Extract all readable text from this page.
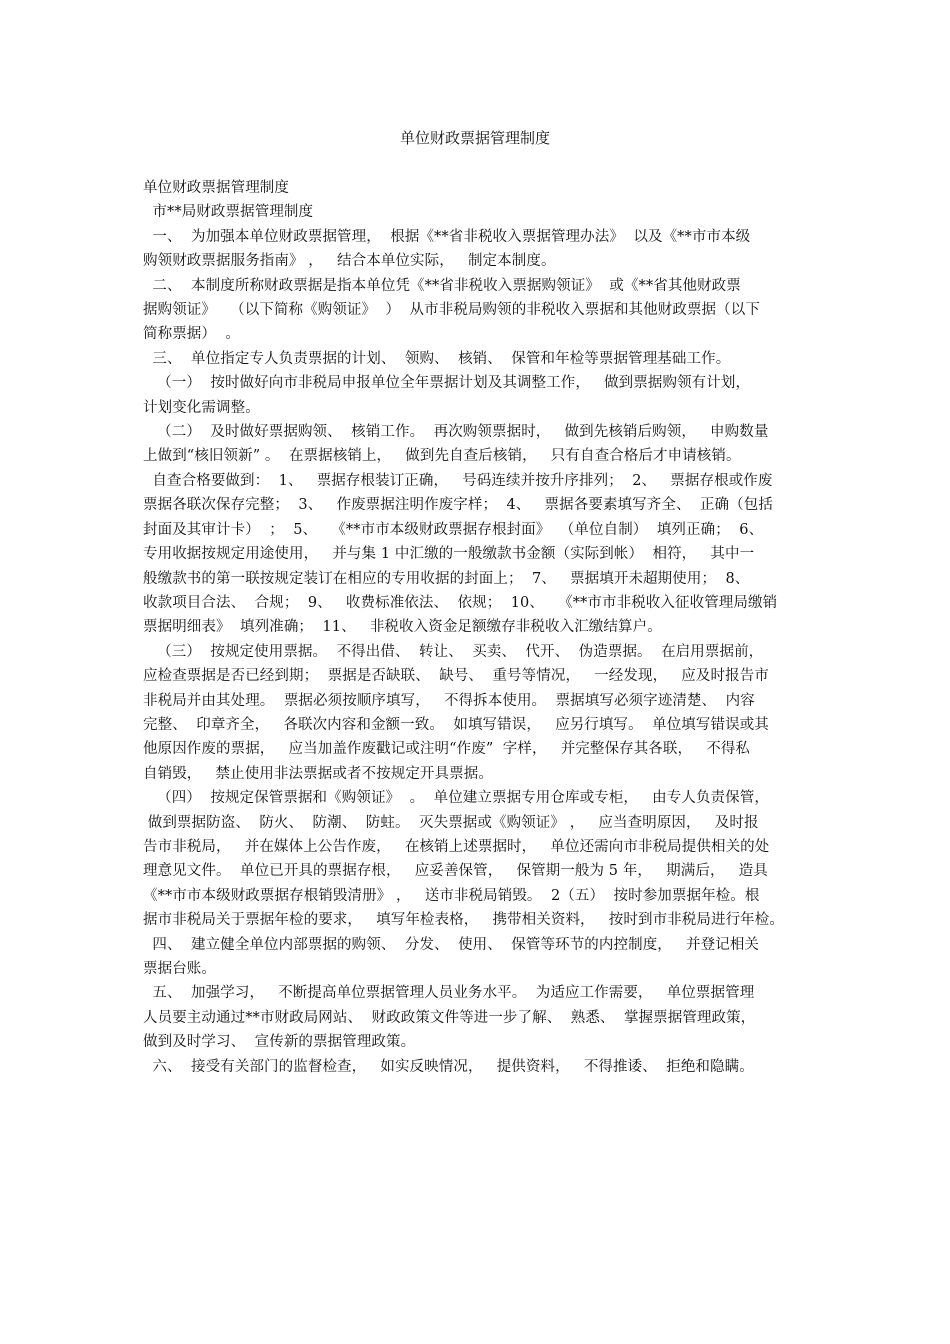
单位财政票据管理制度

单位财政票据管理制度

市**局财政票据管理制度

一、  为加强本单位财政票据管理，  根据《**省非税收入票据管理办法》  以及《**市市本级

购领财政票据服务指南》 ，   结合本单位实际，   制定本制度。

二、  本制度所称财政票据是指本单位凭《**省非税收入票据购领证》  或《**省其他财政票

据购领证》   （以下简称《购领证》  ）  从市非税局购领的非税收入票据和其他财政票据（以下

简称票据）  。

三、  单位指定专人负责票据的计划、  领购、  核销、  保管和年检等票据管理基础工作。

（一）  按时做好向市非税局申报单位全年票据计划及其调整工作，   做到票据购领有计划，

计划变化需调整。

（二）  及时做好票据购领、  核销工作。  再次购领票据时，   做到先核销后购领，   申购数量

上做到“核旧领新” 。  在票据核销上，   做到先自查后核销，   只有自查合格后才申请核销。

自查合格要做到：  1、   票据存根装订正确，   号码连续并按升序排列；  2、   票据存根或作废

票据各联次保存完整；  3、   作废票据注明作废字样；  4、   票据各要素填写齐全、  正确（包括

封面及其审计卡）  ；  5、   《**市市本级财政票据存根封面》  （单位自制）  填列正确；  6、

专用收据按规定用途使用，   并与集 1 中汇缴的一般缴款书金额（实际到帐）  相符，   其中一

般缴款书的第一联按规定装订在相应的专用收据的封面上；  7、   票据填开未超期使用；  8、

收款项目合法、  合规；  9、   收费标准依法、  依规；  10、   《**市市非税收入征收管理局缴销

票据明细表》  填列准确；  11、   非税收入资金足额缴存非税收入汇缴结算户。

（三）  按规定使用票据。  不得出借、  转让、  买卖、  代开、  伪造票据。  在启用票据前，

应检查票据是否已经到期；  票据是否缺联、  缺号、  重号等情况，   一经发现，   应及时报告市

非税局并由其处理。  票据必须按顺序填写，   不得拆本使用。  票据填写必须字迹清楚、  内容

完整、  印章齐全，   各联次内容和金额一致。  如填写错误，   应另行填写。  单位填写错误或其

他原因作废的票据，   应当加盖作废戳记或注明“作废”  字样，   并完整保存其各联，   不得私

自销毁，   禁止使用非法票据或者不按规定开具票据。

（四）  按规定保管票据和《购领证》  。  单位建立票据专用仓库或专柜，   由专人负责保管，

做到票据防盗、  防火、  防潮、  防蛀。  灭失票据或《购领证》 ，   应当查明原因，   及时报

告市非税局，   并在媒体上公告作废，   在核销上述票据时，   单位还需向市非税局提供相关的处

理意见文件。  单位已开具的票据存根，   应妥善保管，   保管期一般为 5 年，   期满后，   造具

《**市市本级财政票据存根销毁清册》 ，   送市非税局销毁。  2（五）  按时参加票据年检。根

据市非税局关于票据年检的要求，   填写年检表格，   携带相关资料，   按时到市非税局进行年检。

四、  建立健全单位内部票据的购领、  分发、  使用、  保管等环节的内控制度，   并登记相关

票据台账。

五、  加强学习，   不断提高单位票据管理人员业务水平。  为适应工作需要，   单位票据管理

人员要主动通过**市财政局网站、  财政政策文件等进一步了解、  熟悉、  掌握票据管理政策，

做到及时学习、  宣传新的票据管理政策。

六、  接受有关部门的监督检查，   如实反映情况，   提供资料，   不得推诿、  拒绝和隐瞒。
